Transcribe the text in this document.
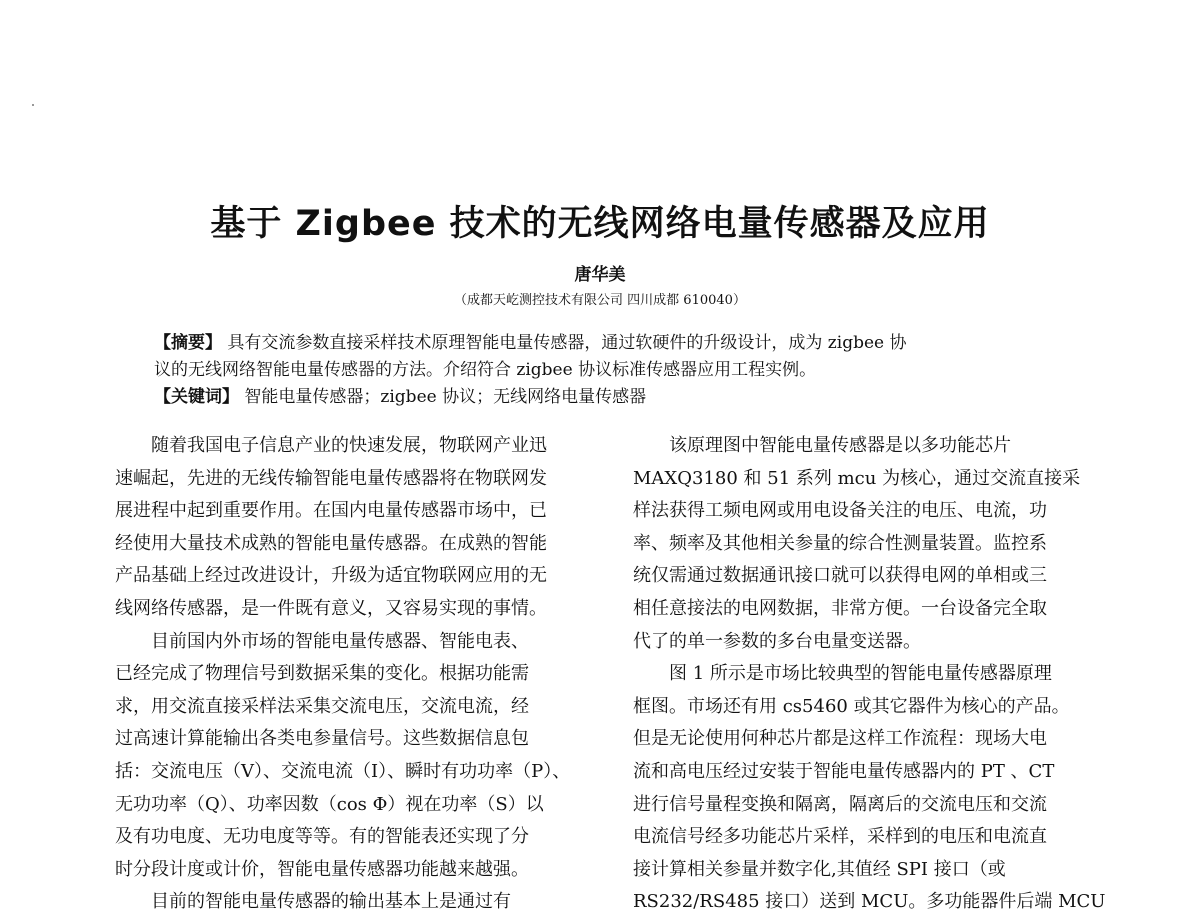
基于 Zigbee 技术的无线网络电量传感器及应用
唐华美
（成都天屹测控技术有限公司 四川成都 610040）
【摘要】 具有交流参数直接采样技术原理智能电量传感器，通过软硬件的升级设计，成为 zigbee 协
议的无线网络智能电量传感器的方法。介绍符合 zigbee 协议标准传感器应用工程实例。
【关键词】 智能电量传感器；zigbee 协议；无线网络电量传感器
随着我国电子信息产业的快速发展，物联网产业迅
速崛起，先进的无线传输智能电量传感器将在物联网发
展进程中起到重要作用。在国内电量传感器市场中，已
经使用大量技术成熟的智能电量传感器。在成熟的智能
产品基础上经过改进设计，升级为适宜物联网应用的无
线网络传感器，是一件既有意义，又容易实现的事情。
目前国内外市场的智能电量传感器、智能电表、
已经完成了物理信号到数据采集的变化。根据功能需
求，用交流直接采样法采集交流电压，交流电流，经
过高速计算能输出各类电参量信号。这些数据信息包
括：交流电压（V）、交流电流（I）、瞬时有功功率（P）、
无功功率（Q）、功率因数（cos Φ）视在功率（S）以
及有功电度、无功电度等等。有的智能表还实现了分
时分段计度或计价，智能电量传感器功能越来越强。
目前的智能电量传感器的输出基本上是通过有
该原理图中智能电量传感器是以多功能芯片
MAXQ3180 和 51 系列 mcu 为核心，通过交流直接采
样法获得工频电网或用电设备关注的电压、电流，功
率、频率及其他相关参量的综合性测量装置。监控系
统仅需通过数据通讯接口就可以获得电网的单相或三
相任意接法的电网数据，非常方便。一台设备完全取
代了的单一参数的多台电量变送器。
图 1 所示是市场比较典型的智能电量传感器原理
框图。市场还有用 cs5460 或其它器件为核心的产品。
但是无论使用何种芯片都是这样工作流程：现场大电
流和高电压经过安装于智能电量传感器内的 PT 、CT
进行信号量程变换和隔离，隔离后的交流电压和交流
电流信号经多功能芯片采样，采样到的电压和电流直
接计算相关参量并数字化,其值经 SPI 接口（或
RS232/RS485 接口）送到 MCU。多功能器件后端 MCU
